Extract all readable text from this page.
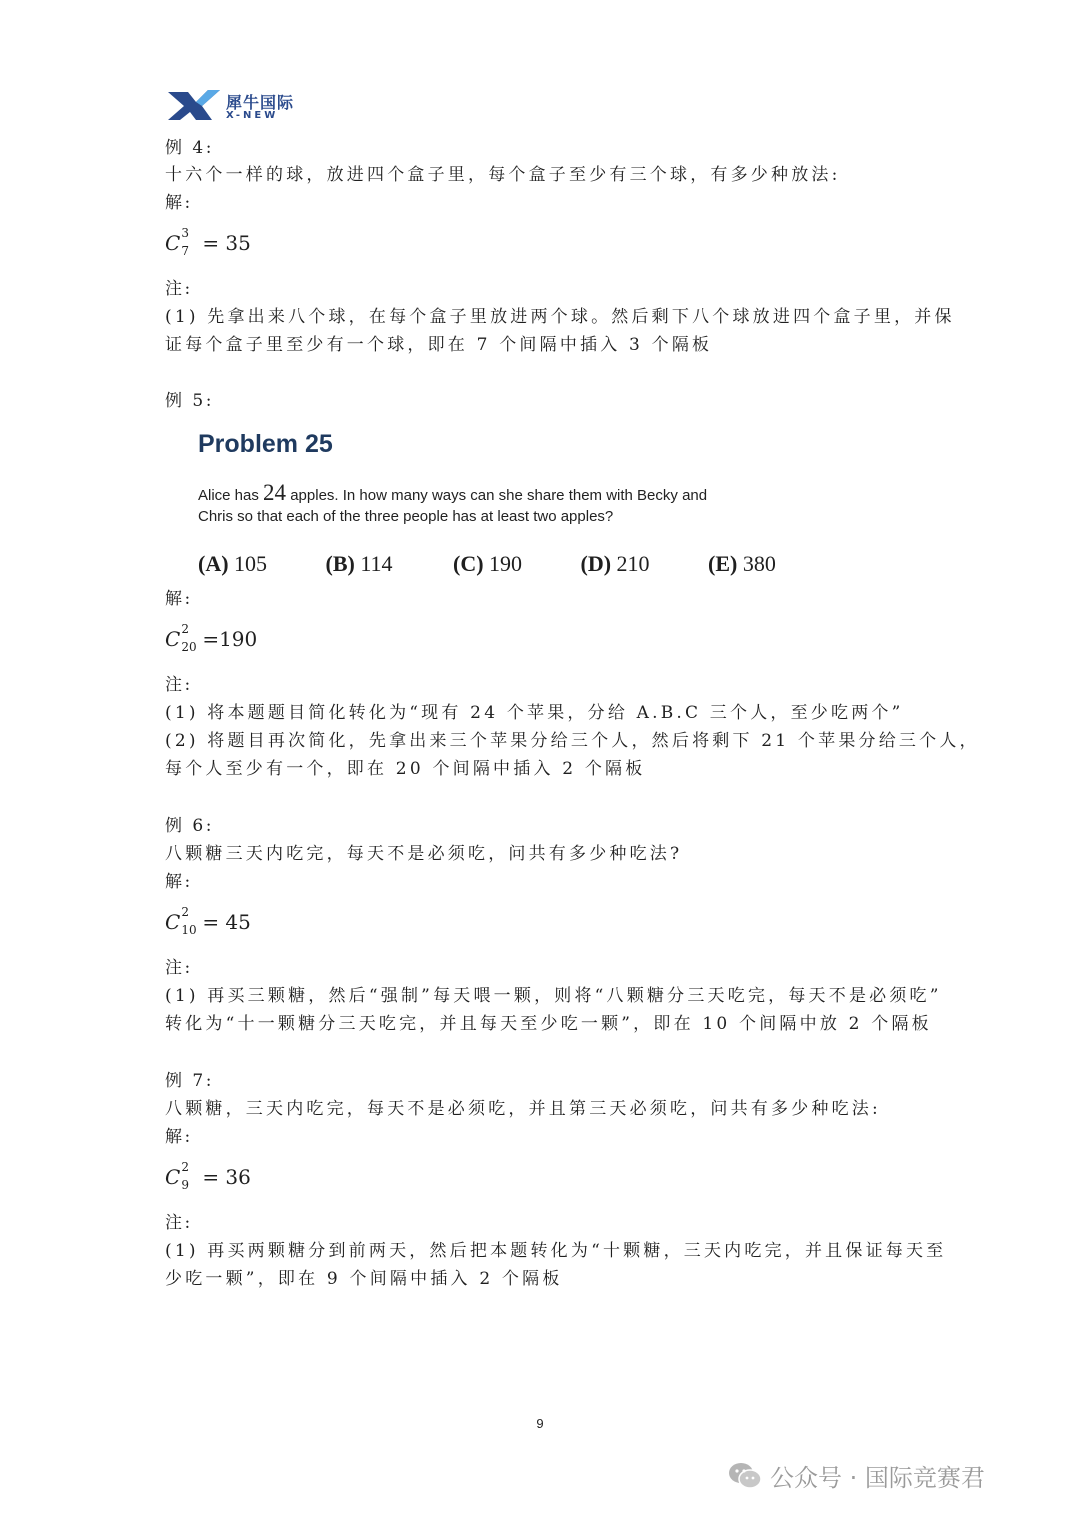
犀牛国际
X-NEW
例 4:
十六个一样的球，放进四个盒子里，每个盒子至少有三个球，有多少种放法:
解:
C 3
7 = 35
注:
(1) 先拿出来八个球，在每个盒子里放进两个球。然后剩下八个球放进四个盒子里，并保
证每个盒子里至少有一个球，即在 7 个间隔中插入 3 个隔板
例 5:
Problem 25
Alice has 24 apples. In how many ways can she share them with Becky and Chris so that each of the three people has at least two apples?
(A) 105	(B) 114	(C) 190	(D) 210	(E) 380
解:
C 2
20 =190
注:
(1) 将本题题目简化转化为“现有 24 个苹果，分给 A.B.C 三个人，至少吃两个”
(2) 将题目再次简化，先拿出来三个苹果分给三个人，然后将剩下 21 个苹果分给三个人，
每个人至少有一个，即在 20 个间隔中插入 2 个隔板
例 6:
八颗糖三天内吃完，每天不是必须吃，问共有多少种吃法?
解:
C 2
10 = 45
注:
(1) 再买三颗糖，然后“强制”每天喂一颗，则将“八颗糖分三天吃完，每天不是必须吃”
转化为“十一颗糖分三天吃完，并且每天至少吃一颗”，即在 10 个间隔中放 2 个隔板
例 7:
八颗糖，三天内吃完，每天不是必须吃，并且第三天必须吃，问共有多少种吃法:
解:
C 2
9 = 36
注:
(1) 再买两颗糖分到前两天，然后把本题转化为“十颗糖，三天内吃完，并且保证每天至
少吃一颗”，即在 9 个间隔中插入 2 个隔板
9
公众号 · 国际竞赛君
